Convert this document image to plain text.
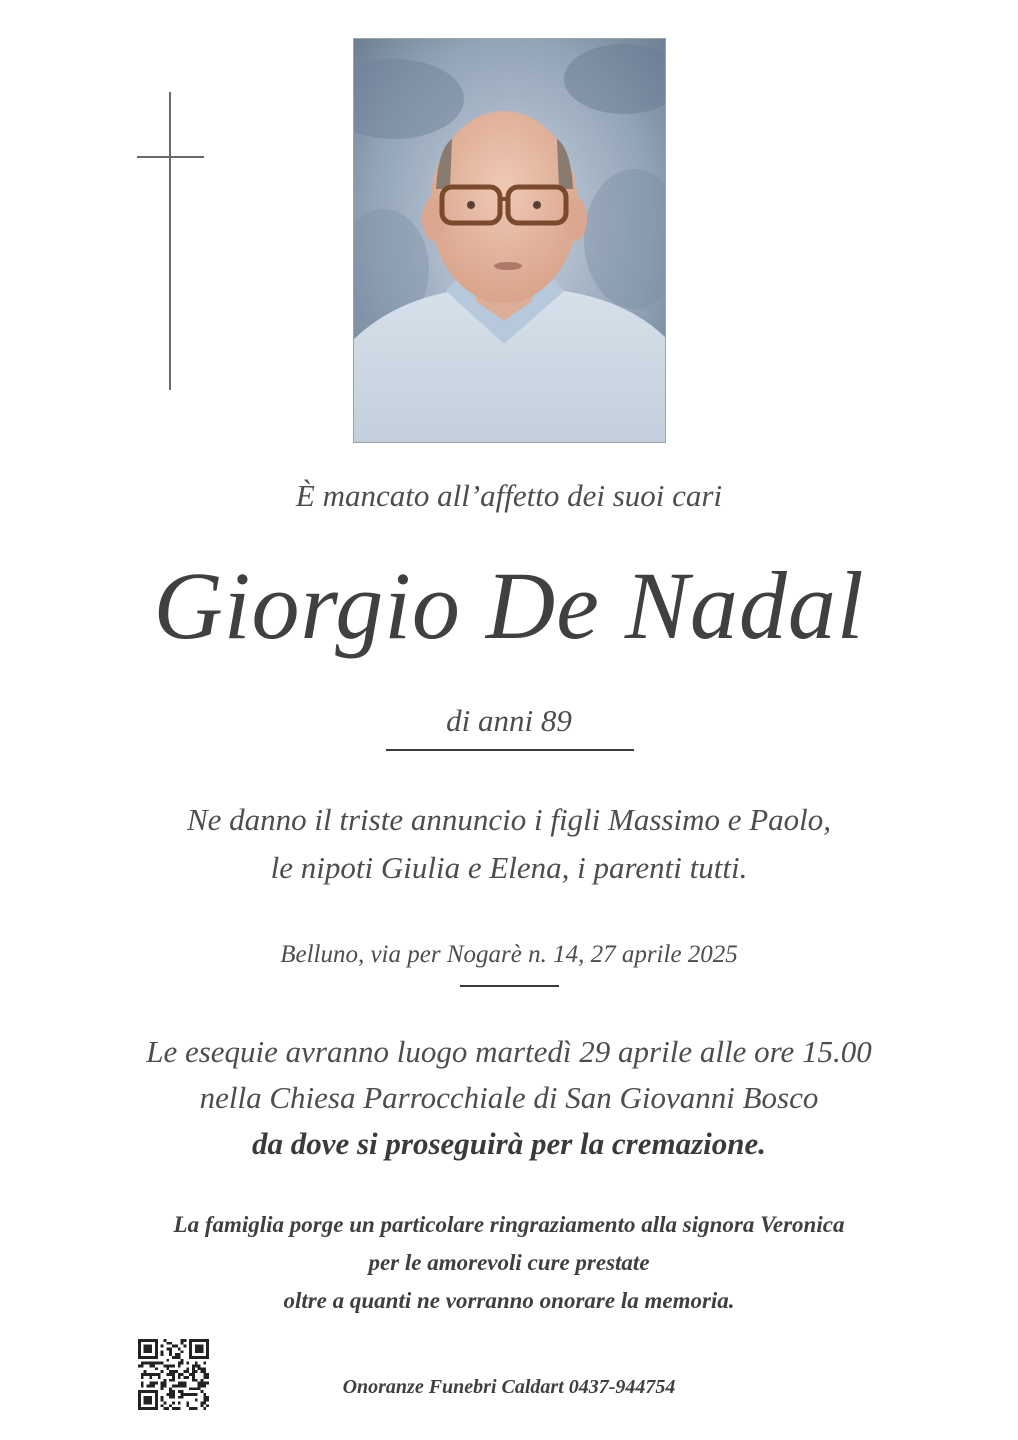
È mancato all’affetto dei suoi cari
Giorgio De Nadal
di anni 89
Ne danno il triste annuncio i figli Massimo e Paolo,
le nipoti Giulia e Elena, i parenti tutti.
Belluno, via per Nogarè n. 14, 27 aprile 2025
Le esequie avranno luogo martedì 29 aprile alle ore 15.00
nella Chiesa Parrocchiale di San Giovanni Bosco
da dove si proseguirà per la cremazione.
La famiglia porge un particolare ringraziamento alla signora Veronica
per le amorevoli cure prestate
oltre a quanti ne vorranno onorare la memoria.
Onoranze Funebri Caldart 0437-944754
